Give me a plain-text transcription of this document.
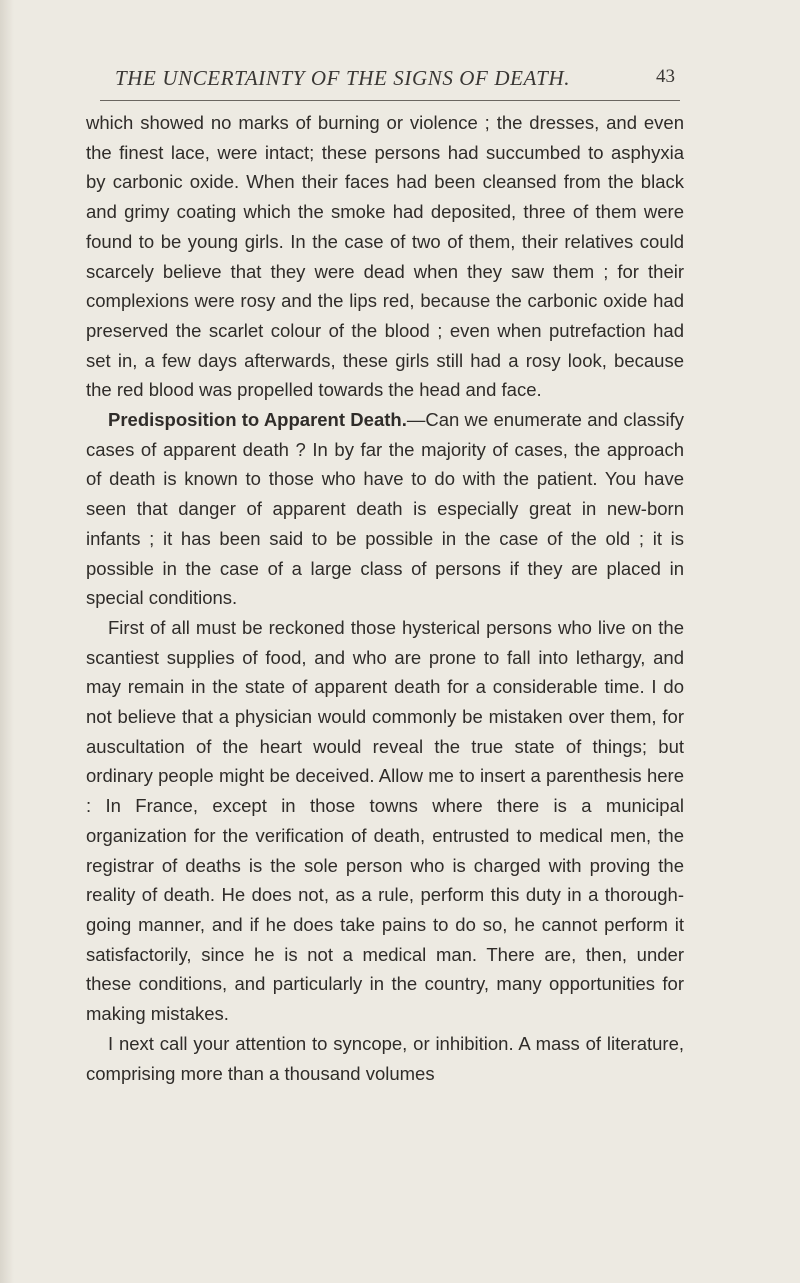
THE UNCERTAINTY OF THE SIGNS OF DEATH.	43

which showed no marks of burning or violence ; the dresses, and even the finest lace, were intact; these persons had succumbed to asphyxia by carbonic oxide. When their faces had been cleansed from the black and grimy coating which the smoke had deposited, three of them were found to be young girls. In the case of two of them, their relatives could scarcely believe that they were dead when they saw them ; for their complexions were rosy and the lips red, because the carbonic oxide had preserved the scarlet colour of the blood ; even when putrefaction had set in, a few days afterwards, these girls still had a rosy look, because the red blood was propelled towards the head and face.

Predisposition to Apparent Death.—Can we enumerate and classify cases of apparent death ? In by far the majority of cases, the approach of death is known to those who have to do with the patient. You have seen that danger of apparent death is especially great in new-born infants ; it has been said to be possible in the case of the old ; it is possible in the case of a large class of persons if they are placed in special conditions.

First of all must be reckoned those hysterical persons who live on the scantiest supplies of food, and who are prone to fall into lethargy, and may remain in the state of apparent death for a considerable time. I do not believe that a physician would commonly be mistaken over them, for auscultation of the heart would reveal the true state of things; but ordinary people might be deceived. Allow me to insert a parenthesis here : In France, except in those towns where there is a municipal organization for the verification of death, entrusted to medical men, the registrar of deaths is the sole person who is charged with proving the reality of death. He does not, as a rule, perform this duty in a thorough-going manner, and if he does take pains to do so, he cannot perform it satisfactorily, since he is not a medical man. There are, then, under these conditions, and particularly in the country, many opportunities for making mistakes.

I next call your attention to syncope, or inhibition. A mass of literature, comprising more than a thousand volumes
